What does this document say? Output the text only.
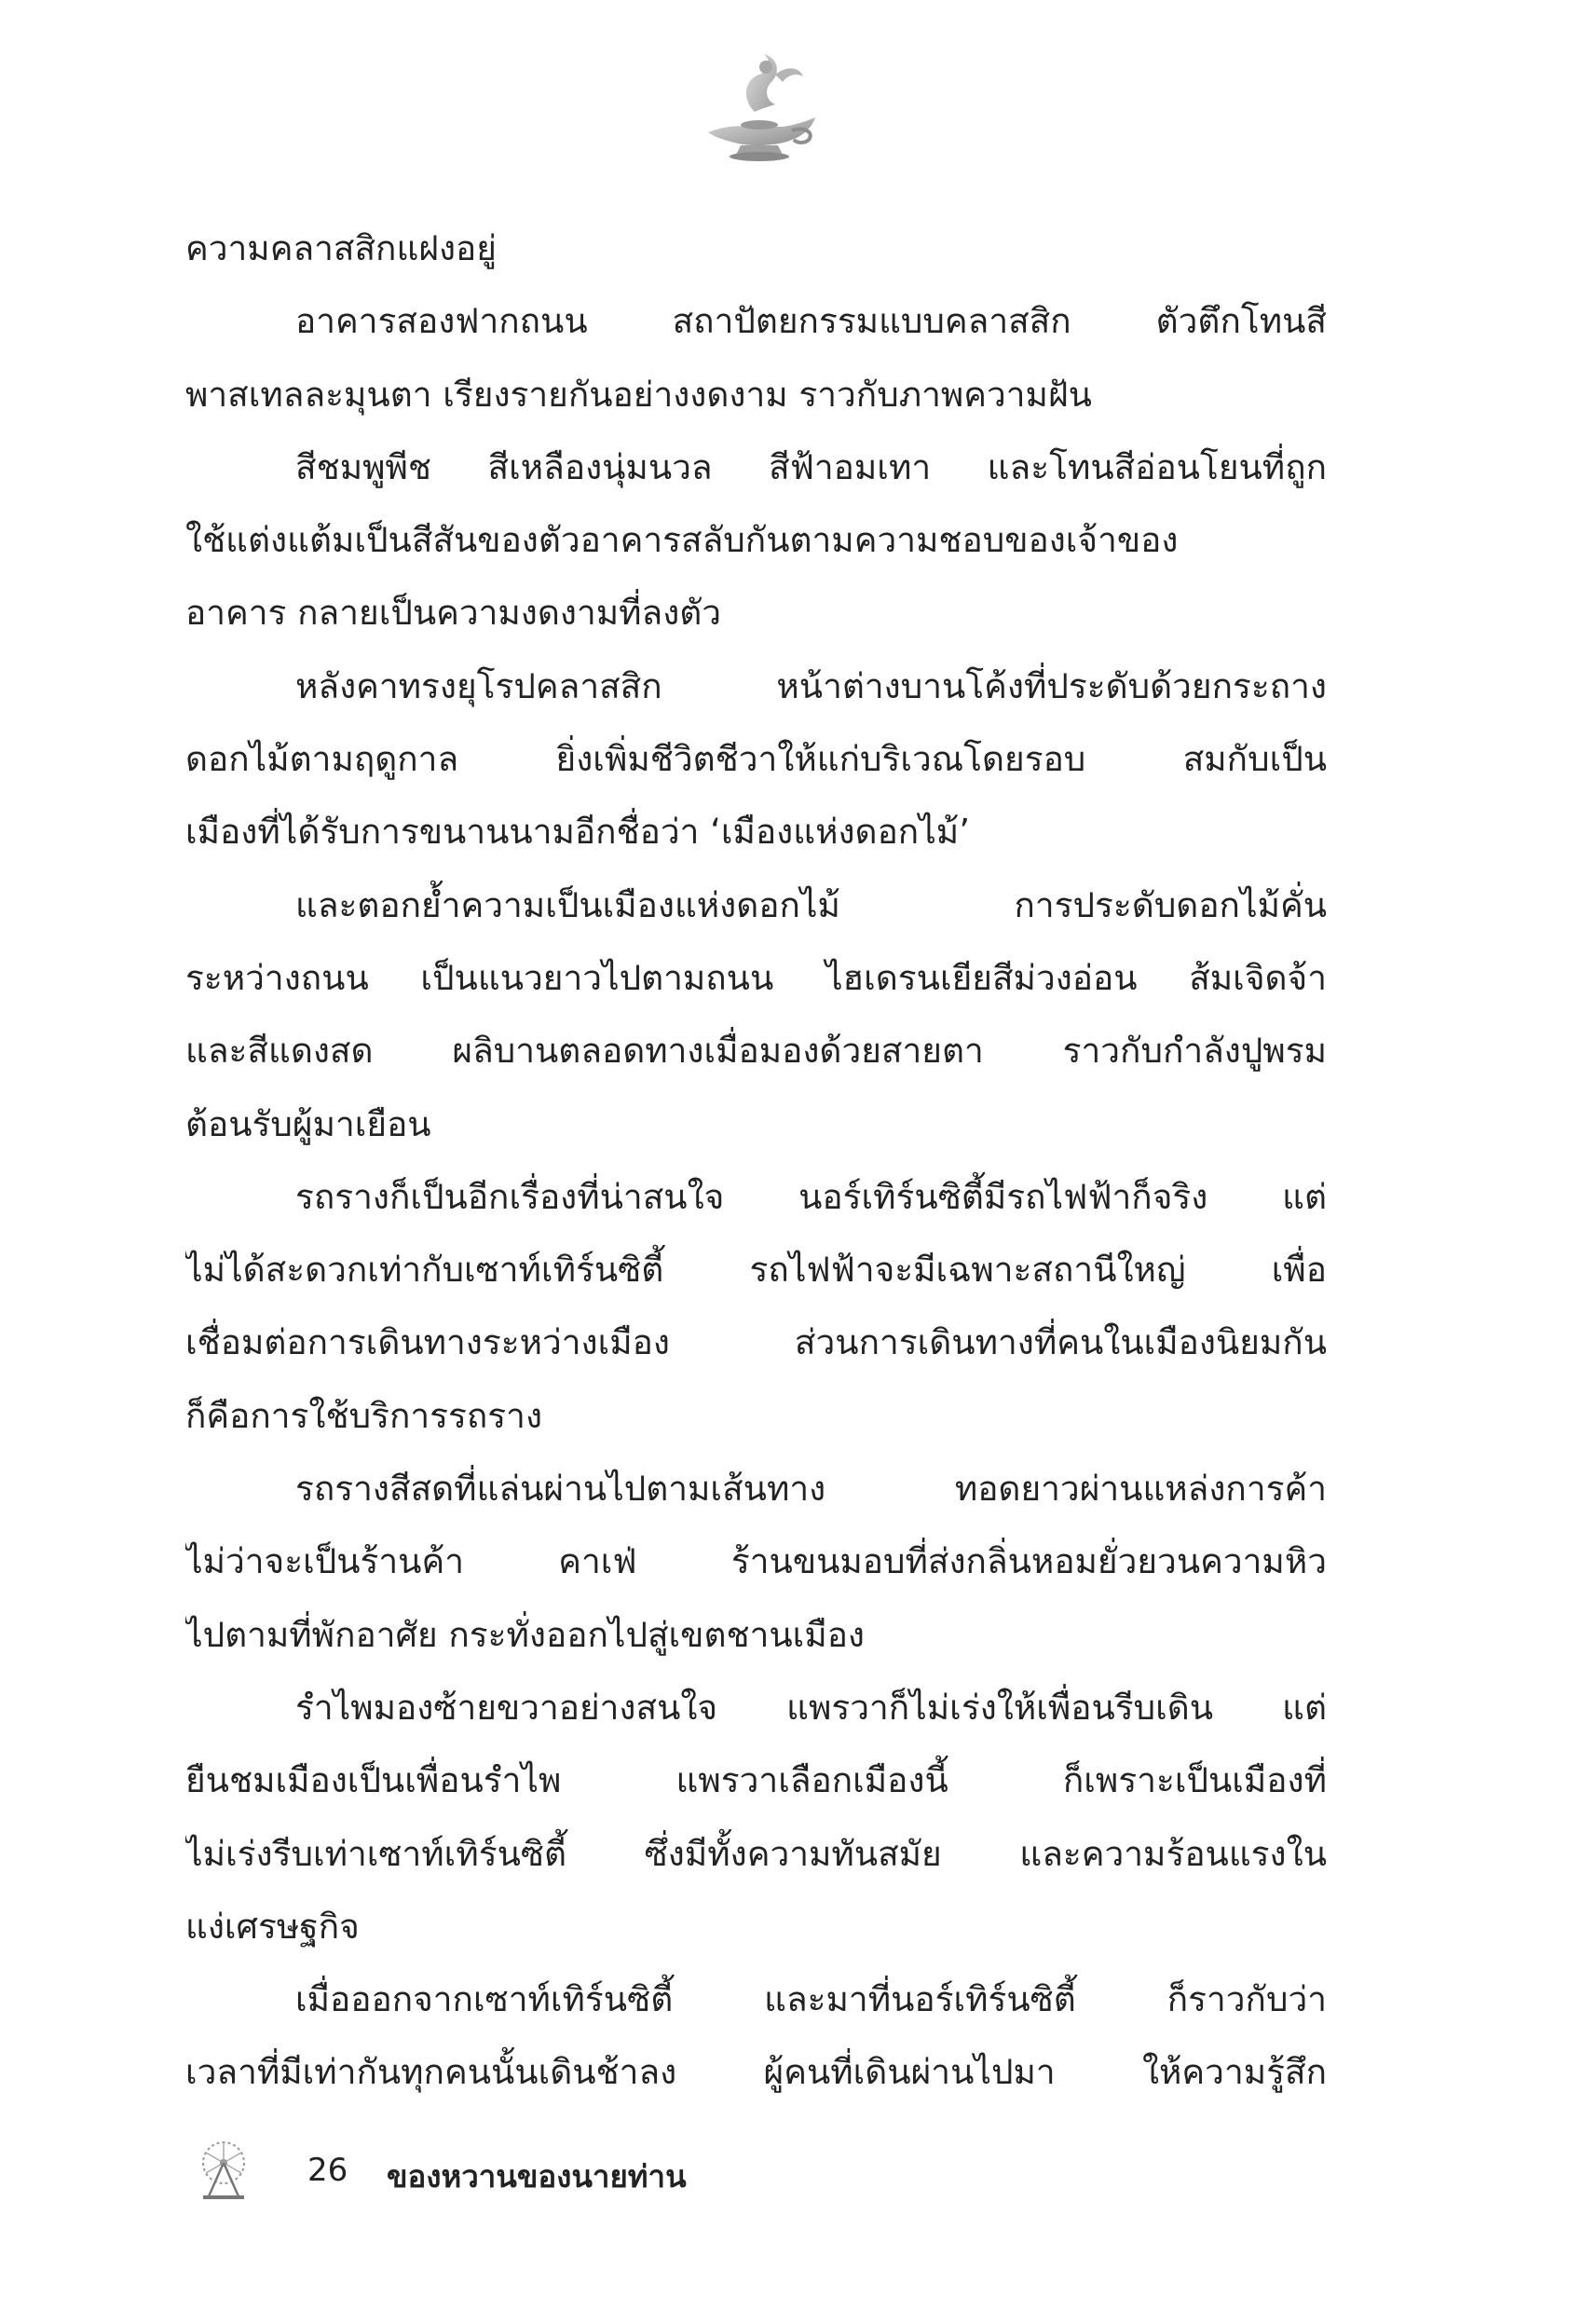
ความคลาสสิกแฝงอยู่
อาคารสองฟากถนน สถาปัตยกรรมแบบคลาสสิก ตัวตึกโทนสี
พาสเทลละมุนตา เรียงรายกันอย่างงดงาม ราวกับภาพความฝัน
สีชมพูพีช สีเหลืองนุ่มนวล สีฟ้าอมเทา และโทนสีอ่อนโยนที่ถูก
ใช้แต่งแต้มเป็นสีสันของตัวอาคารสลับกันตามความชอบของเจ้าของ
อาคาร กลายเป็นความงดงามที่ลงตัว
หลังคาทรงยุโรปคลาสสิก หน้าต่างบานโค้งที่ประดับด้วยกระถาง
ดอกไม้ตามฤดูกาล ยิ่งเพิ่มชีวิตชีวาให้แก่บริเวณโดยรอบ สมกับเป็น
เมืองที่ได้รับการขนานนามอีกชื่อว่า ‘เมืองแห่งดอกไม้’
และตอกย้ำความเป็นเมืองแห่งดอกไม้ การประดับดอกไม้คั่น
ระหว่างถนน เป็นแนวยาวไปตามถนน ไฮเดรนเยียสีม่วงอ่อน ส้มเจิดจ้า
และสีแดงสด ผลิบานตลอดทางเมื่อมองด้วยสายตา ราวกับกำลังปูพรม
ต้อนรับผู้มาเยือน
รถรางก็เป็นอีกเรื่องที่น่าสนใจ นอร์เทิร์นซิตี้มีรถไฟฟ้าก็จริง แต่
ไม่ได้สะดวกเท่ากับเซาท์เทิร์นซิตี้ รถไฟฟ้าจะมีเฉพาะสถานีใหญ่ เพื่อ
เชื่อมต่อการเดินทางระหว่างเมือง ส่วนการเดินทางที่คนในเมืองนิยมกัน
ก็คือการใช้บริการรถราง
รถรางสีสดที่แล่นผ่านไปตามเส้นทาง ทอดยาวผ่านแหล่งการค้า
ไม่ว่าจะเป็นร้านค้า คาเฟ่ ร้านขนมอบที่ส่งกลิ่นหอมยั่วยวนความหิว
ไปตามที่พักอาศัย กระทั่งออกไปสู่เขตชานเมือง
รำไพมองซ้ายขวาอย่างสนใจ แพรวาก็ไม่เร่งให้เพื่อนรีบเดิน แต่
ยืนชมเมืองเป็นเพื่อนรำไพ แพรวาเลือกเมืองนี้ ก็เพราะเป็นเมืองที่
ไม่เร่งรีบเท่าเซาท์เทิร์นซิตี้ ซึ่งมีทั้งความทันสมัย และความร้อนแรงใน
แง่เศรษฐกิจ
เมื่อออกจากเซาท์เทิร์นซิตี้ และมาที่นอร์เทิร์นซิตี้ ก็ราวกับว่า
เวลาที่มีเท่ากันทุกคนนั้นเดินช้าลง ผู้คนที่เดินผ่านไปมา ให้ความรู้สึก
26 ของหวานของนายท่าน
